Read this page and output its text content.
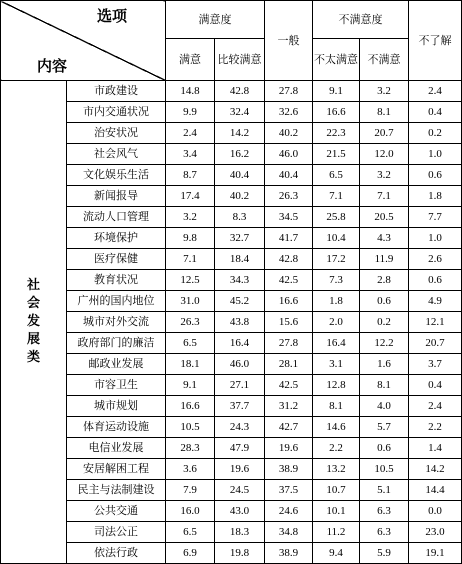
选项
内容		满意度		一般	不满意度		不了解
		满意	比较满意		不太满意	不满意	
社会发展类	市政建设	14.8	42.8	27.8	9.1	3.2	2.4
	市内交通状况	9.9	32.4	32.6	16.6	8.1	0.4
	治安状况	2.4	14.2	40.2	22.3	20.7	0.2
	社会风气	3.4	16.2	46.0	21.5	12.0	1.0
	文化娱乐生活	8.7	40.4	40.4	6.5	3.2	0.6
	新闻报导	17.4	40.2	26.3	7.1	7.1	1.8
	流动人口管理	3.2	8.3	34.5	25.8	20.5	7.7
	环境保护	9.8	32.7	41.7	10.4	4.3	1.0
	医疗保健	7.1	18.4	42.8	17.2	11.9	2.6
	教育状况	12.5	34.3	42.5	7.3	2.8	0.6
	广州的国内地位	31.0	45.2	16.6	1.8	0.6	4.9
	城市对外交流	26.3	43.8	15.6	2.0	0.2	12.1
	政府部门的廉洁	6.5	16.4	27.8	16.4	12.2	20.7
	邮政业发展	18.1	46.0	28.1	3.1	1.6	3.7
	市容卫生	9.1	27.1	42.5	12.8	8.1	0.4
	城市规划	16.6	37.7	31.2	8.1	4.0	2.4
	体育运动设施	10.5	24.3	42.7	14.6	5.7	2.2
	电信业发展	28.3	47.9	19.6	2.2	0.6	1.4
	安居解困工程	3.6	19.6	38.9	13.2	10.5	14.2
	民主与法制建设	7.9	24.5	37.5	10.7	5.1	14.4
	公共交通	16.0	43.0	24.6	10.1	6.3	0.0
	司法公正	6.5	18.3	34.8	11.2	6.3	23.0
	依法行政	6.9	19.8	38.9	9.4	5.9	19.1
